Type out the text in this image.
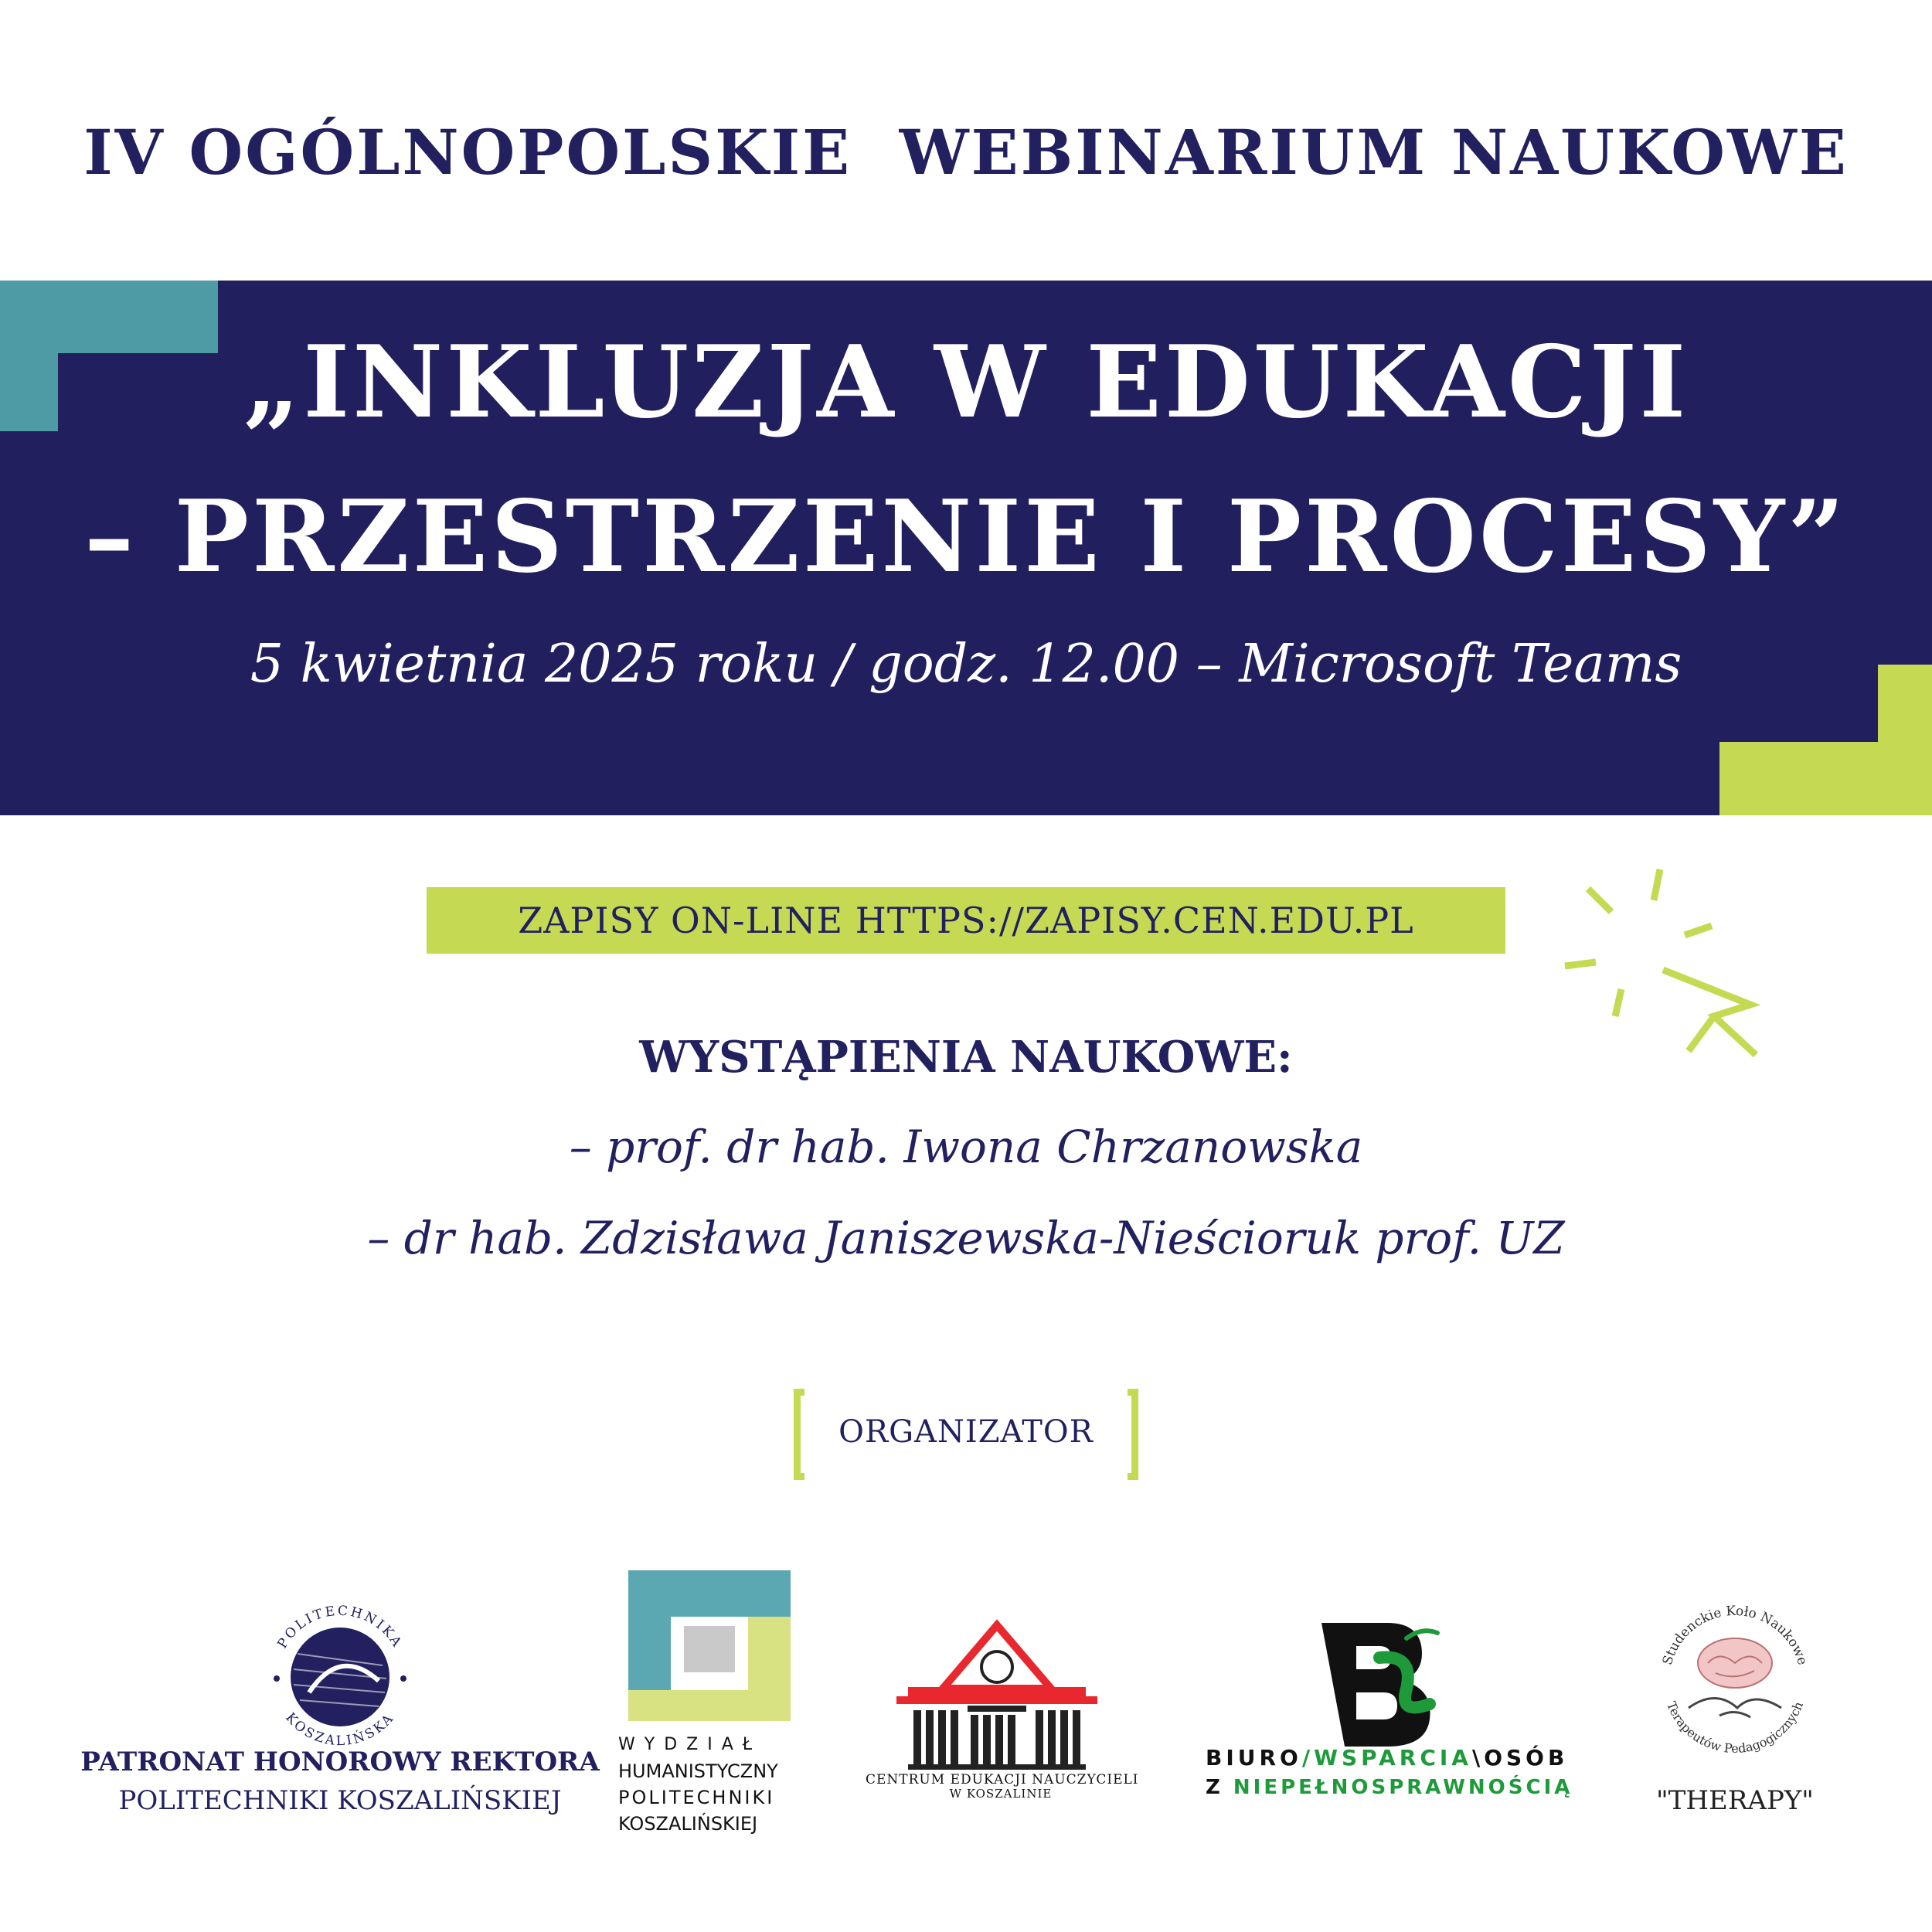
IV OGÓLNOPOLSKIE  WEBINARIUM NAUKOWE
„INKLUZJA W EDUKACJI
– PRZESTRZENIE I PROCESY”
5 kwietnia 2025 roku / godz. 12.00 – Microsoft Teams
ZAPISY ON-LINE HTTPS://ZAPISY.CEN.EDU.PL
WYSTĄPIENIA NAUKOWE:
– prof. dr hab. Iwona Chrzanowska
– dr hab. Zdzisława Janiszewska-Nieścioruk prof. UZ
ORGANIZATOR
POLITECHNIKA
KOSZALIŃSKA
PATRONAT HONOROWY REKTORA
POLITECHNIKI KOSZALIŃSKIEJ
WYDZIAŁ
HUMANISTYCZNY
POLITECHNIKI
KOSZALIŃSKIEJ
CENTRUM EDUKACJI NAUCZYCIELI
W KOSZALINIE
BIURO/WSPARCIA\OSÓB
Z NIEPEŁNOSPRAWNOŚCIĄ
Studenckie Koło Naukowe
Terapeutów Pedagogicznych
"THERAPY"
